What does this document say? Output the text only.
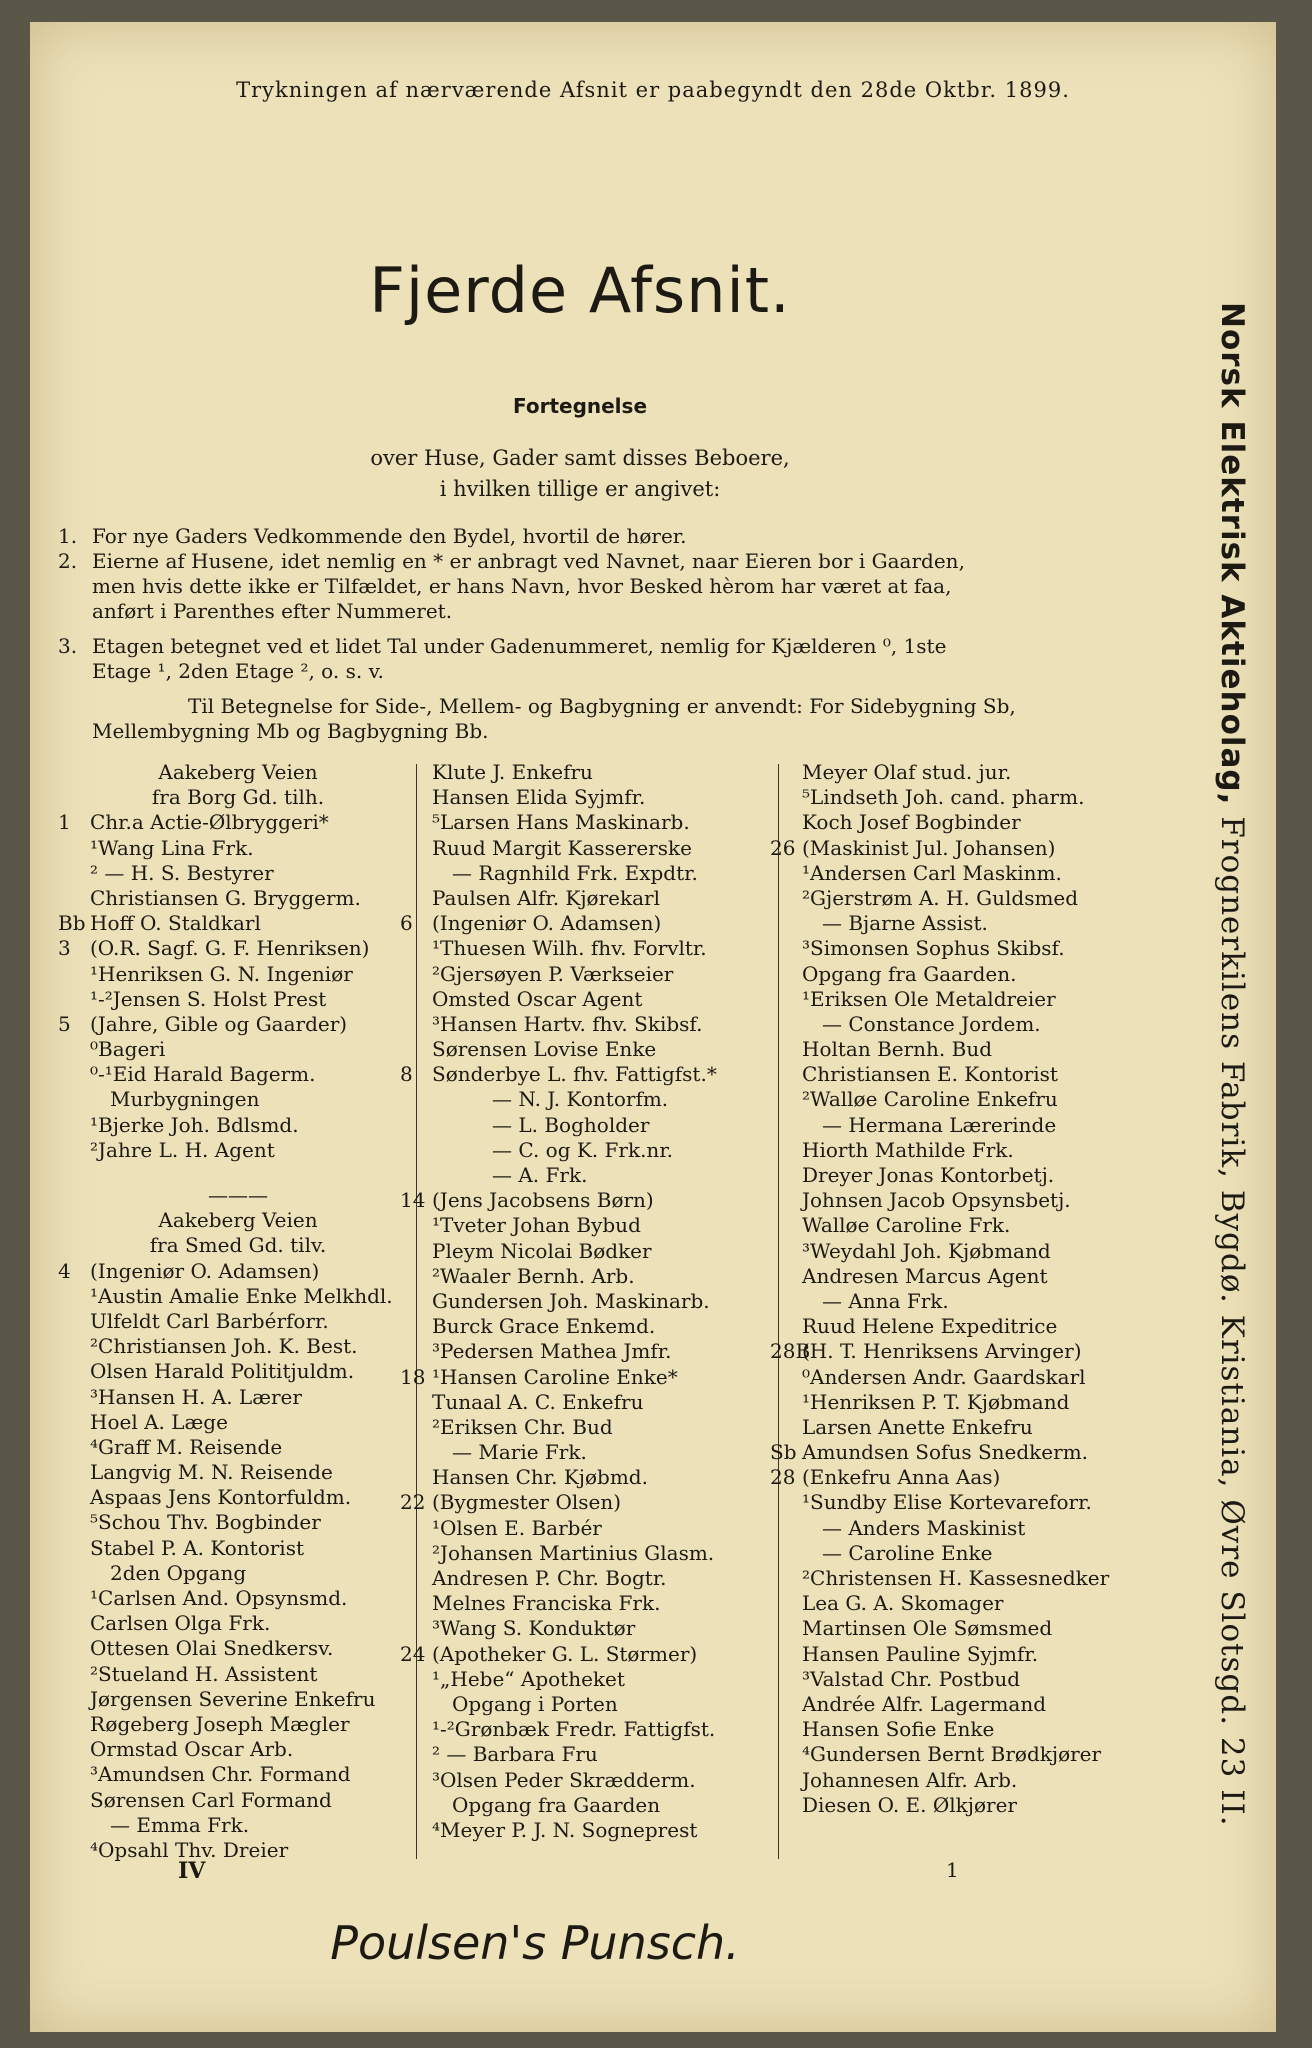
Trykningen af nærværende Afsnit er paabegyndt den 28de Oktbr. 1899.
Fjerde Afsnit.
Fortegnelse
over Huse, Gader samt disses Beboere,
i hvilken tillige er angivet:
1. For nye Gaders Vedkommende den Bydel, hvortil de hører.
2. Eierne af Husene, idet nemlig en * er anbragt ved Navnet, naar Eieren bor i Gaarden,
men hvis dette ikke er Tilfældet, er hans Navn, hvor Besked hèrom har været at faa,
anført i Parenthes efter Nummeret.
3. Etagen betegnet ved et lidet Tal under Gadenummeret, nemlig for Kjælderen ⁰, 1ste
Etage ¹, 2den Etage ², o. s. v.
Til Betegnelse for Side-, Mellem- og Bagbygning er anvendt: For Sidebygning Sb,
Mellembygning Mb og Bagbygning Bb.
Aakeberg Veien
fra Borg Gd. tilh.
1 Chr.a Actie-Ølbryggeri*
¹Wang Lina Frk.
² — H. S. Bestyrer
Christiansen G. Bryggerm.
Bb Hoff O. Staldkarl
3 (O.R. Sagf. G. F. Henriksen)
¹Henriksen G. N. Ingeniør
¹-²Jensen S. Holst Prest
5 (Jahre, Gible og Gaarder)
⁰Bageri
⁰-¹Eid Harald Bagerm.
Murbygningen
¹Bjerke Joh. Bdlsmd.
²Jahre L. H. Agent
———
Aakeberg Veien
fra Smed Gd. tilv.
4 (Ingeniør O. Adamsen)
¹Austin Amalie Enke Melkhdl.
Ulfeldt Carl Barbérforr.
²Christiansen Joh. K. Best.
Olsen Harald Polititjuldm.
³Hansen H. A. Lærer
Hoel A. Læge
⁴Graff M. Reisende
Langvig M. N. Reisende
Aspaas Jens Kontorfuldm.
⁵Schou Thv. Bogbinder
Stabel P. A. Kontorist
2den Opgang
¹Carlsen And. Opsynsmd.
Carlsen Olga Frk.
Ottesen Olai Snedkersv.
²Stueland H. Assistent
Jørgensen Severine Enkefru
Røgeberg Joseph Mægler
Ormstad Oscar Arb.
³Amundsen Chr. Formand
Sørensen Carl Formand
— Emma Frk.
⁴Opsahl Thv. Dreier
Klute J. Enkefru
Hansen Elida Syjmfr.
⁵Larsen Hans Maskinarb.
Ruud Margit Kassererske
— Ragnhild Frk. Expdtr.
Paulsen Alfr. Kjørekarl
6 (Ingeniør O. Adamsen)
¹Thuesen Wilh. fhv. Forvltr.
²Gjersøyen P. Værkseier
Omsted Oscar Agent
³Hansen Hartv. fhv. Skibsf.
Sørensen Lovise Enke
8 Sønderbye L. fhv. Fattigfst.*
— N. J. Kontorfm.
— L. Bogholder
— C. og K. Frk.nr.
— A. Frk.
14 (Jens Jacobsens Børn)
¹Tveter Johan Bybud
Pleym Nicolai Bødker
²Waaler Bernh. Arb.
Gundersen Joh. Maskinarb.
Burck Grace Enkemd.
³Pedersen Mathea Jmfr.
18 ¹Hansen Caroline Enke*
Tunaal A. C. Enkefru
²Eriksen Chr. Bud
— Marie Frk.
Hansen Chr. Kjøbmd.
22 (Bygmester Olsen)
¹Olsen E. Barbér
²Johansen Martinius Glasm.
Andresen P. Chr. Bogtr.
Melnes Franciska Frk.
³Wang S. Konduktør
24 (Apotheker G. L. Størmer)
¹„Hebe“ Apotheket
Opgang i Porten
¹-²Grønbæk Fredr. Fattigfst.
² — Barbara Fru
³Olsen Peder Skrædderm.
Opgang fra Gaarden
⁴Meyer P. J. N. Sogneprest
Meyer Olaf stud. jur.
⁵Lindseth Joh. cand. pharm.
Koch Josef Bogbinder
26 (Maskinist Jul. Johansen)
¹Andersen Carl Maskinm.
²Gjerstrøm A. H. Guldsmed
— Bjarne Assist.
³Simonsen Sophus Skibsf.
Opgang fra Gaarden.
¹Eriksen Ole Metaldreier
— Constance Jordem.
Holtan Bernh. Bud
Christiansen E. Kontorist
²Walløe Caroline Enkefru
— Hermana Lærerinde
Hiorth Mathilde Frk.
Dreyer Jonas Kontorbetj.
Johnsen Jacob Opsynsbetj.
Walløe Caroline Frk.
³Weydahl Joh. Kjøbmand
Andresen Marcus Agent
— Anna Frk.
Ruud Helene Expeditrice
28B
(H. T. Henriksens Arvinger)
⁰Andersen Andr. Gaardskarl
¹Henriksen P. T. Kjøbmand
Larsen Anette Enkefru
Sb Amundsen Sofus Snedkerm.
28 (Enkefru Anna Aas)
¹Sundby Elise Kortevareforr.
— Anders Maskinist
— Caroline Enke
²Christensen H. Kassesnedker
Lea G. A. Skomager
Martinsen Ole Sømsmed
Hansen Pauline Syjmfr.
³Valstad Chr. Postbud
Andrée Alfr. Lagermand
Hansen Sofie Enke
⁴Gundersen Bernt Brødkjører
Johannesen Alfr. Arb.
Diesen O. E. Ølkjører
Norsk Elektrisk Aktieholag, Frognerkilens Fabrik, Bygdø. Kristiania, Øvre Slotsgd. 23 II.
IV	1
Poulsen's Punsch.
